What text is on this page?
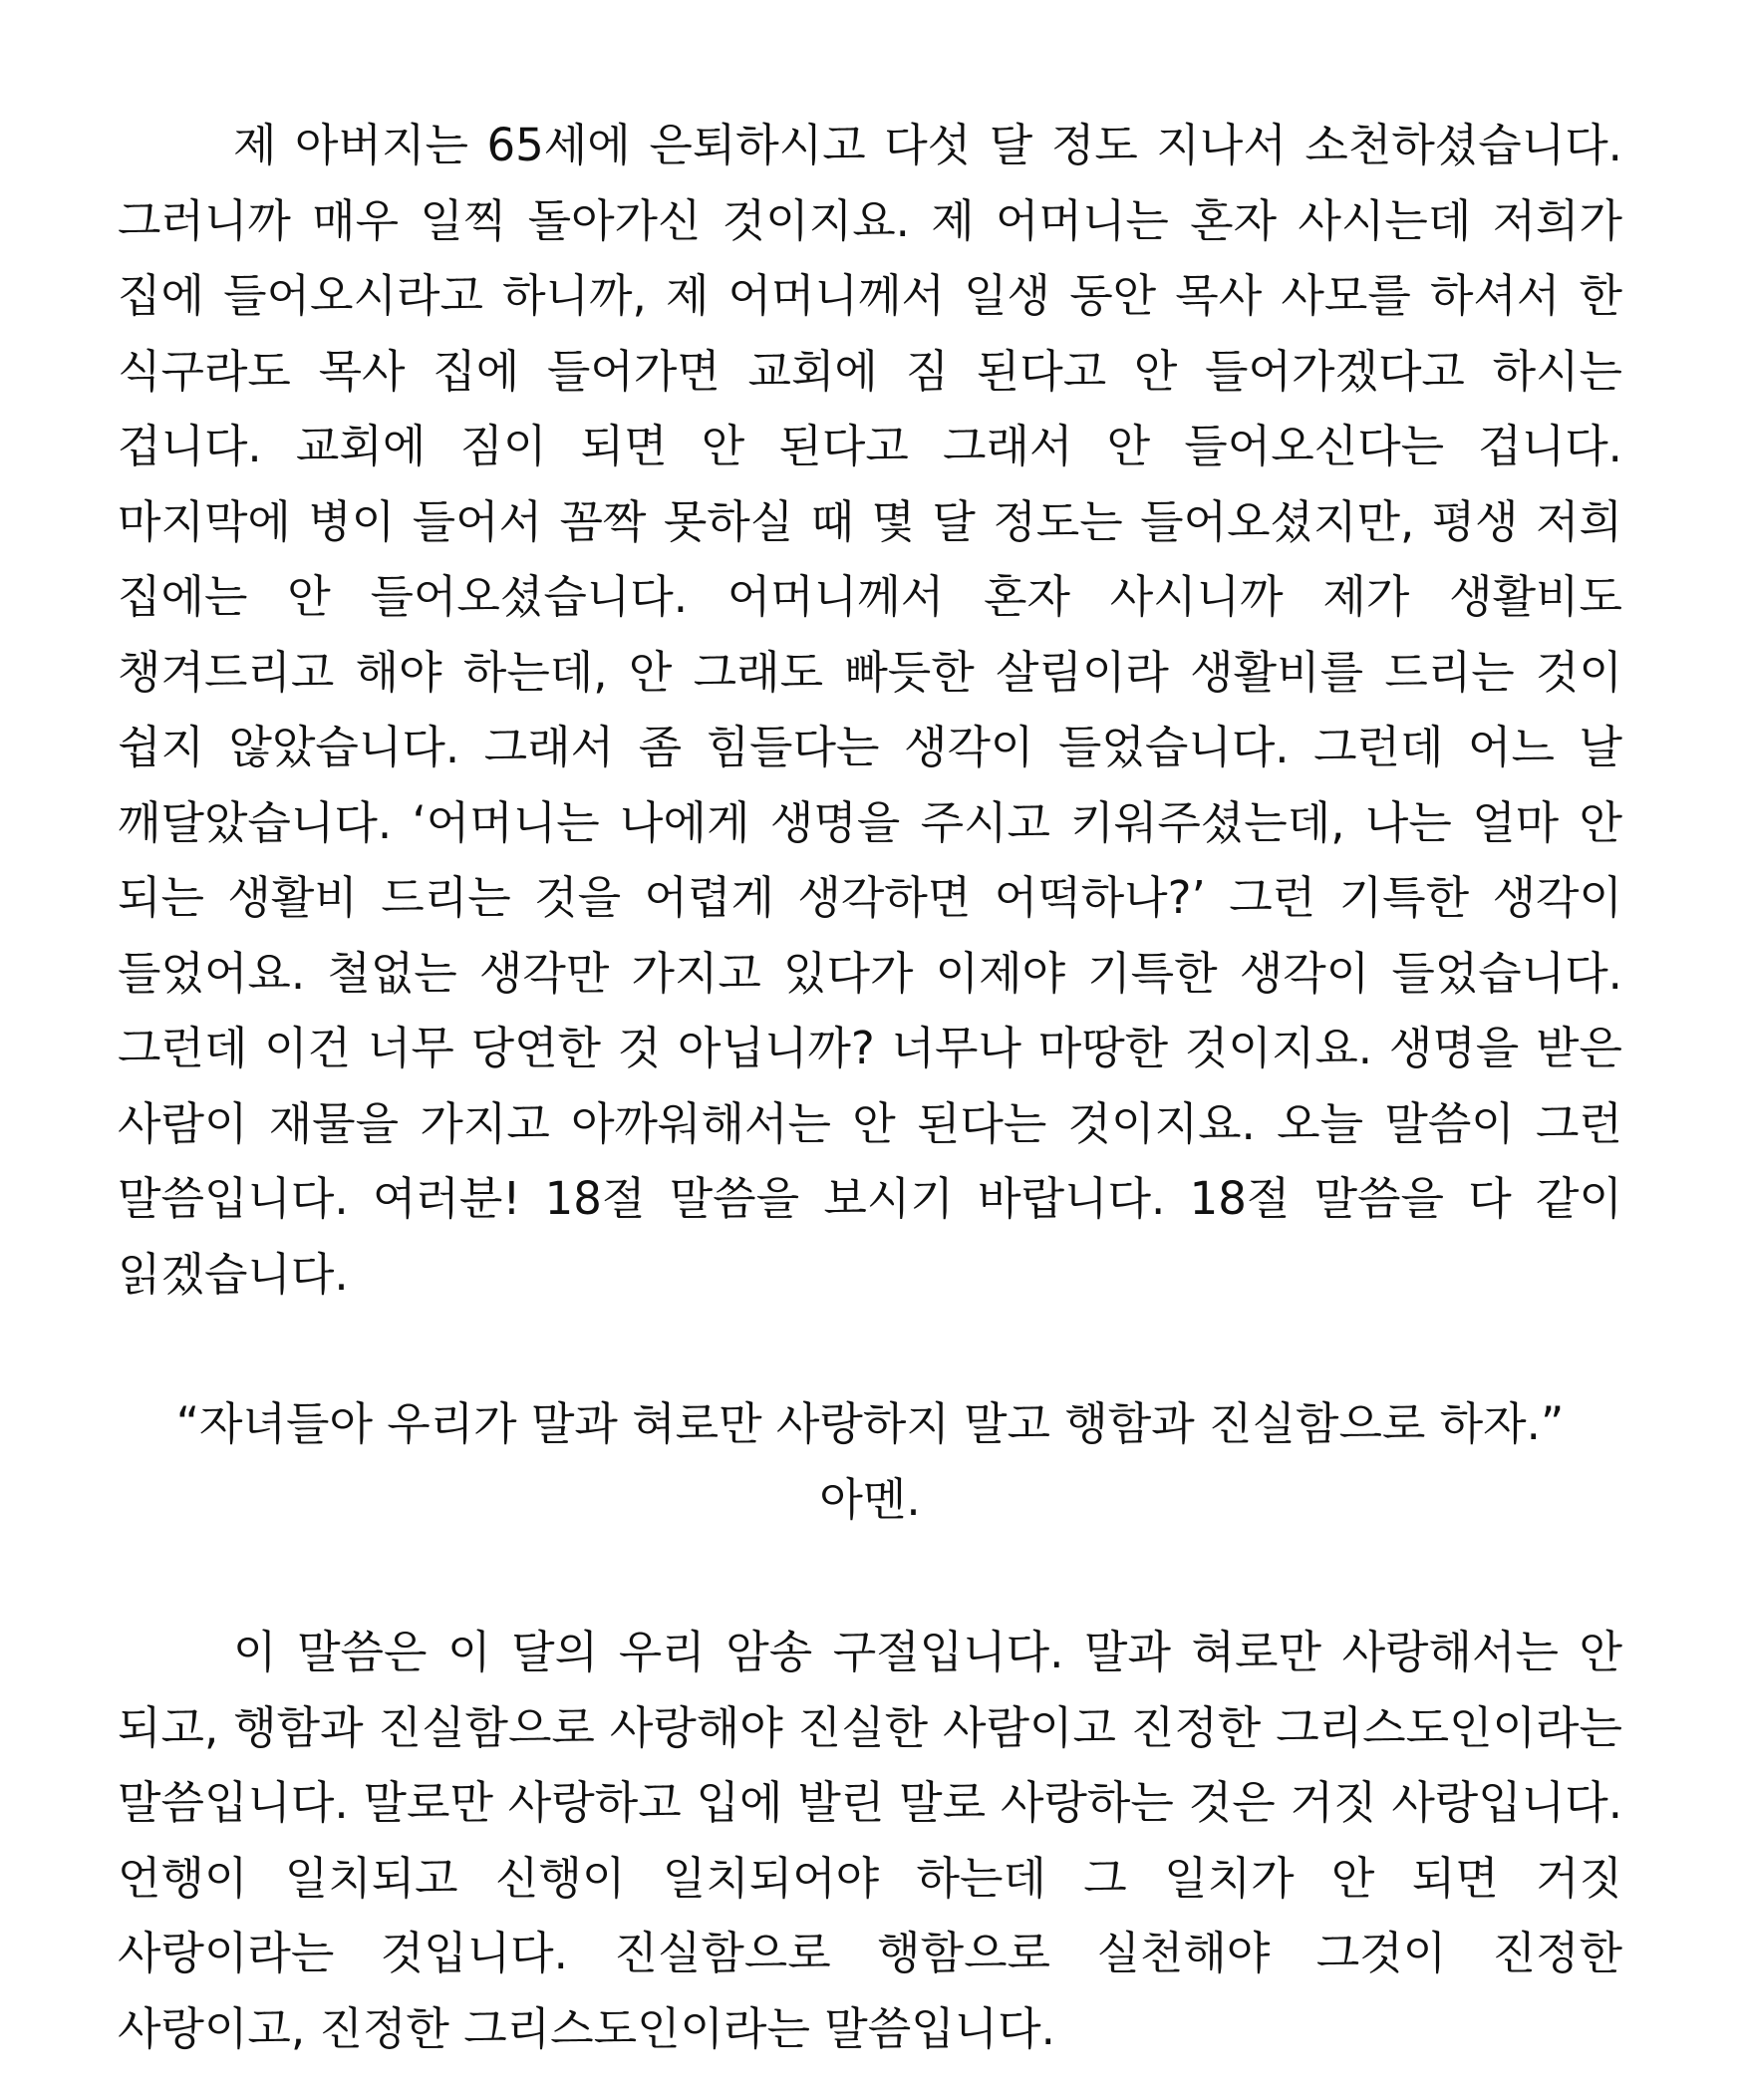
제 아버지는 65세에 은퇴하시고 다섯 달 정도 지나서 소천하셨습니다. 그러니까 매우 일찍 돌아가신 것이지요. 제 어머니는 혼자 사시는데 저희가 집에 들어오시라고 하니까, 제 어머니께서 일생 동안 목사 사모를 하셔서 한 식구라도 목사 집에 들어가면 교회에 짐 된다고 안 들어가겠다고 하시는 겁니다. 교회에 짐이 되면 안 된다고 그래서 안 들어오신다는 겁니다. 마지막에 병이 들어서 꼼짝 못하실 때 몇 달 정도는 들어오셨지만, 평생 저희 집에는 안 들어오셨습니다. 어머니께서 혼자 사시니까 제가 생활비도 챙겨드리고 해야 하는데, 안 그래도 빠듯한 살림이라 생활비를 드리는 것이 쉽지 않았습니다. 그래서 좀 힘들다는 생각이 들었습니다. 그런데 어느 날 깨달았습니다. ‘어머니는 나에게 생명을 주시고 키워주셨는데, 나는 얼마 안 되는 생활비 드리는 것을 어렵게 생각하면 어떡하나?’ 그런 기특한 생각이 들었어요. 철없는 생각만 가지고 있다가 이제야 기특한 생각이 들었습니다. 그런데 이건 너무 당연한 것 아닙니까? 너무나 마땅한 것이지요. 생명을 받은 사람이 재물을 가지고 아까워해서는 안 된다는 것이지요. 오늘 말씀이 그런 말씀입니다. 여러분! 18절 말씀을 보시기 바랍니다. 18절 말씀을 다 같이 읽겠습니다.

“자녀들아 우리가 말과 혀로만 사랑하지 말고 행함과 진실함으로 하자.”
아멘.

이 말씀은 이 달의 우리 암송 구절입니다. 말과 혀로만 사랑해서는 안 되고, 행함과 진실함으로 사랑해야 진실한 사람이고 진정한 그리스도인이라는 말씀입니다. 말로만 사랑하고 입에 발린 말로 사랑하는 것은 거짓 사랑입니다. 언행이 일치되고 신행이 일치되어야 하는데 그 일치가 안 되면 거짓 사랑이라는 것입니다. 진실함으로 행함으로 실천해야 그것이 진정한 사랑이고, 진정한 그리스도인이라는 말씀입니다.
